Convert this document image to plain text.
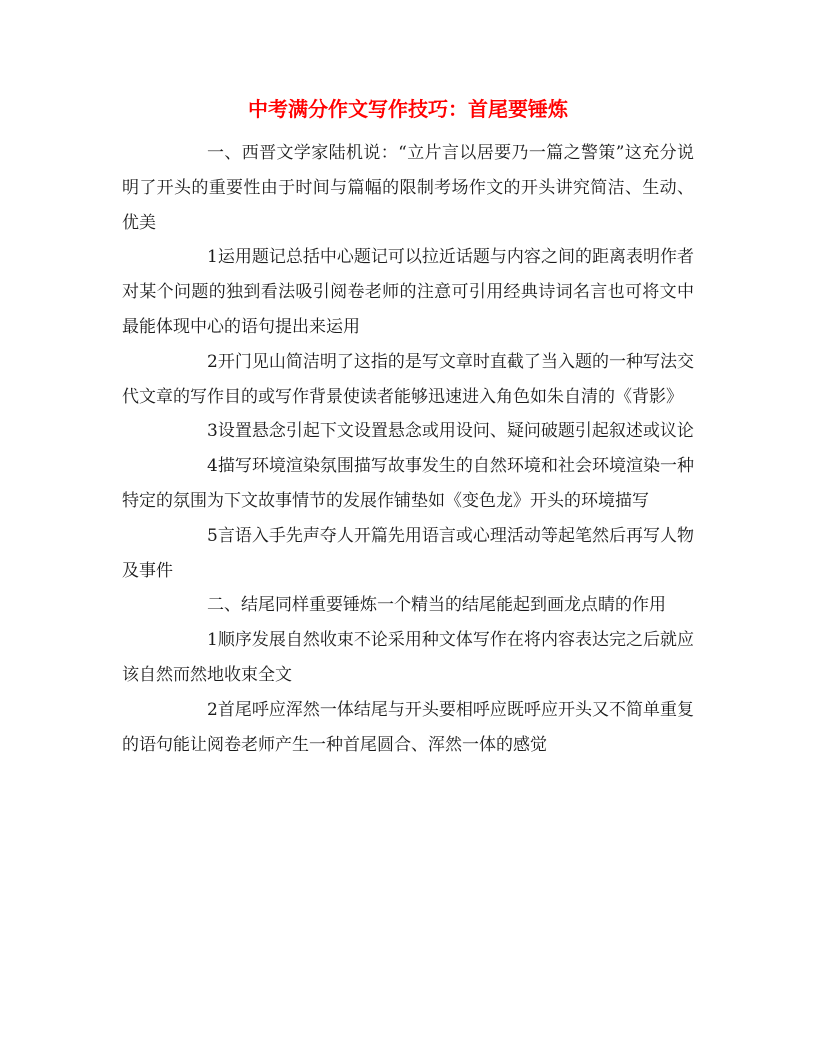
中考满分作文写作技巧：首尾要锤炼

一、西晋文学家陆机说：“立片言以居要乃一篇之警策”这充分说明了开头的重要性由于时间与篇幅的限制考场作文的开头讲究简洁、生动、优美

1运用题记总括中心题记可以拉近话题与内容之间的距离表明作者对某个问题的独到看法吸引阅卷老师的注意可引用经典诗词名言也可将文中最能体现中心的语句提出来运用

2开门见山简洁明了这指的是写文章时直截了当入题的一种写法交代文章的写作目的或写作背景使读者能够迅速进入角色如朱自清的《背影》

3设置悬念引起下文设置悬念或用设问、疑问破题引起叙述或议论

4描写环境渲染氛围描写故事发生的自然环境和社会环境渲染一种特定的氛围为下文故事情节的发展作铺垫如《变色龙》开头的环境描写

5言语入手先声夺人开篇先用语言或心理活动等起笔然后再写人物及事件

二、结尾同样重要锤炼一个精当的结尾能起到画龙点睛的作用

1顺序发展自然收束不论采用种文体写作在将内容表达完之后就应该自然而然地收束全文

2首尾呼应浑然一体结尾与开头要相呼应既呼应开头又不简单重复的语句能让阅卷老师产生一种首尾圆合、浑然一体的感觉
